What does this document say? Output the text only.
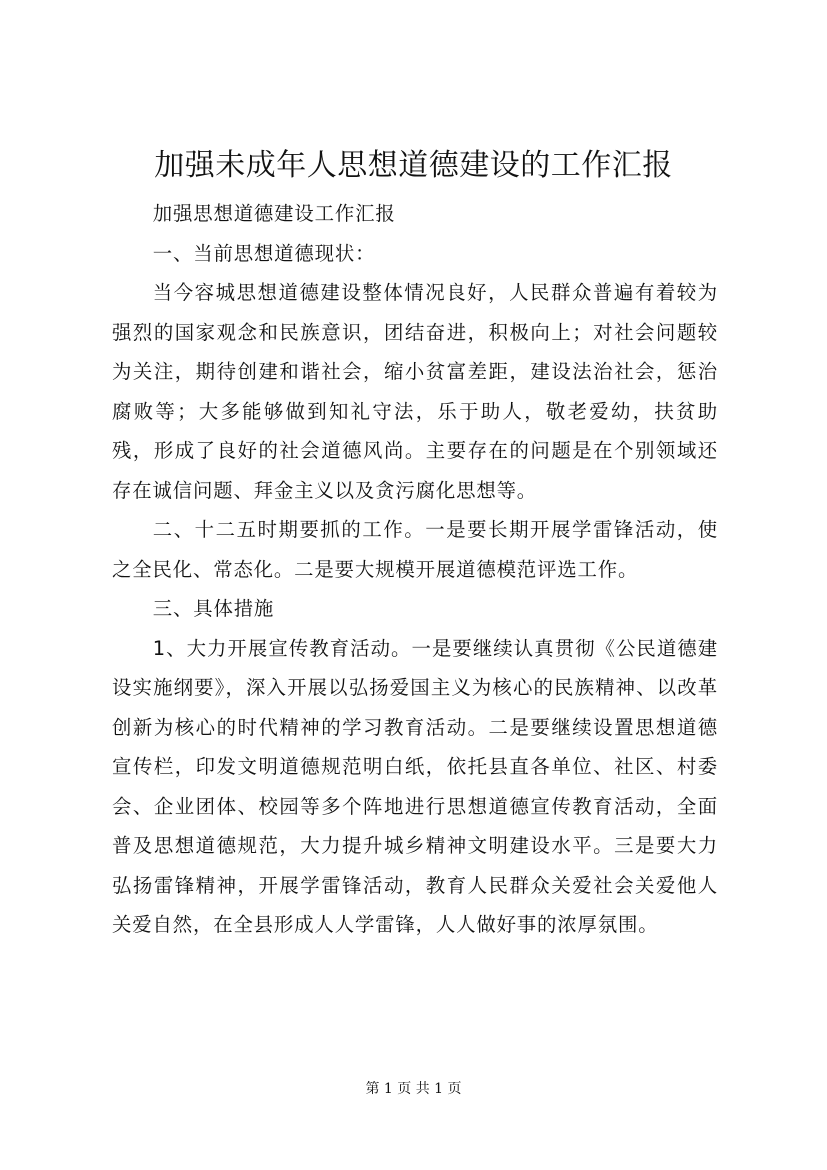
加强未成年人思想道德建设的工作汇报

加强思想道德建设工作汇报

一、当前思想道德现状：

当今容城思想道德建设整体情况良好，人民群众普遍有着较为强烈的国家观念和民族意识，团结奋进，积极向上；对社会问题较为关注，期待创建和谐社会，缩小贫富差距，建设法治社会，惩治腐败等；大多能够做到知礼守法，乐于助人，敬老爱幼，扶贫助残，形成了良好的社会道德风尚。主要存在的问题是在个别领域还存在诚信问题、拜金主义以及贪污腐化思想等。

二、十二五时期要抓的工作。一是要长期开展学雷锋活动，使之全民化、常态化。二是要大规模开展道德模范评选工作。

三、具体措施

1、大力开展宣传教育活动。一是要继续认真贯彻《公民道德建设实施纲要》，深入开展以弘扬爱国主义为核心的民族精神、以改革创新为核心的时代精神的学习教育活动。二是要继续设置思想道德宣传栏，印发文明道德规范明白纸，依托县直各单位、社区、村委会、企业团体、校园等多个阵地进行思想道德宣传教育活动，全面普及思想道德规范，大力提升城乡精神文明建设水平。三是要大力弘扬雷锋精神，开展学雷锋活动，教育人民群众关爱社会关爱他人关爱自然，在全县形成人人学雷锋，人人做好事的浓厚氛围。

第 1 页 共 1 页
